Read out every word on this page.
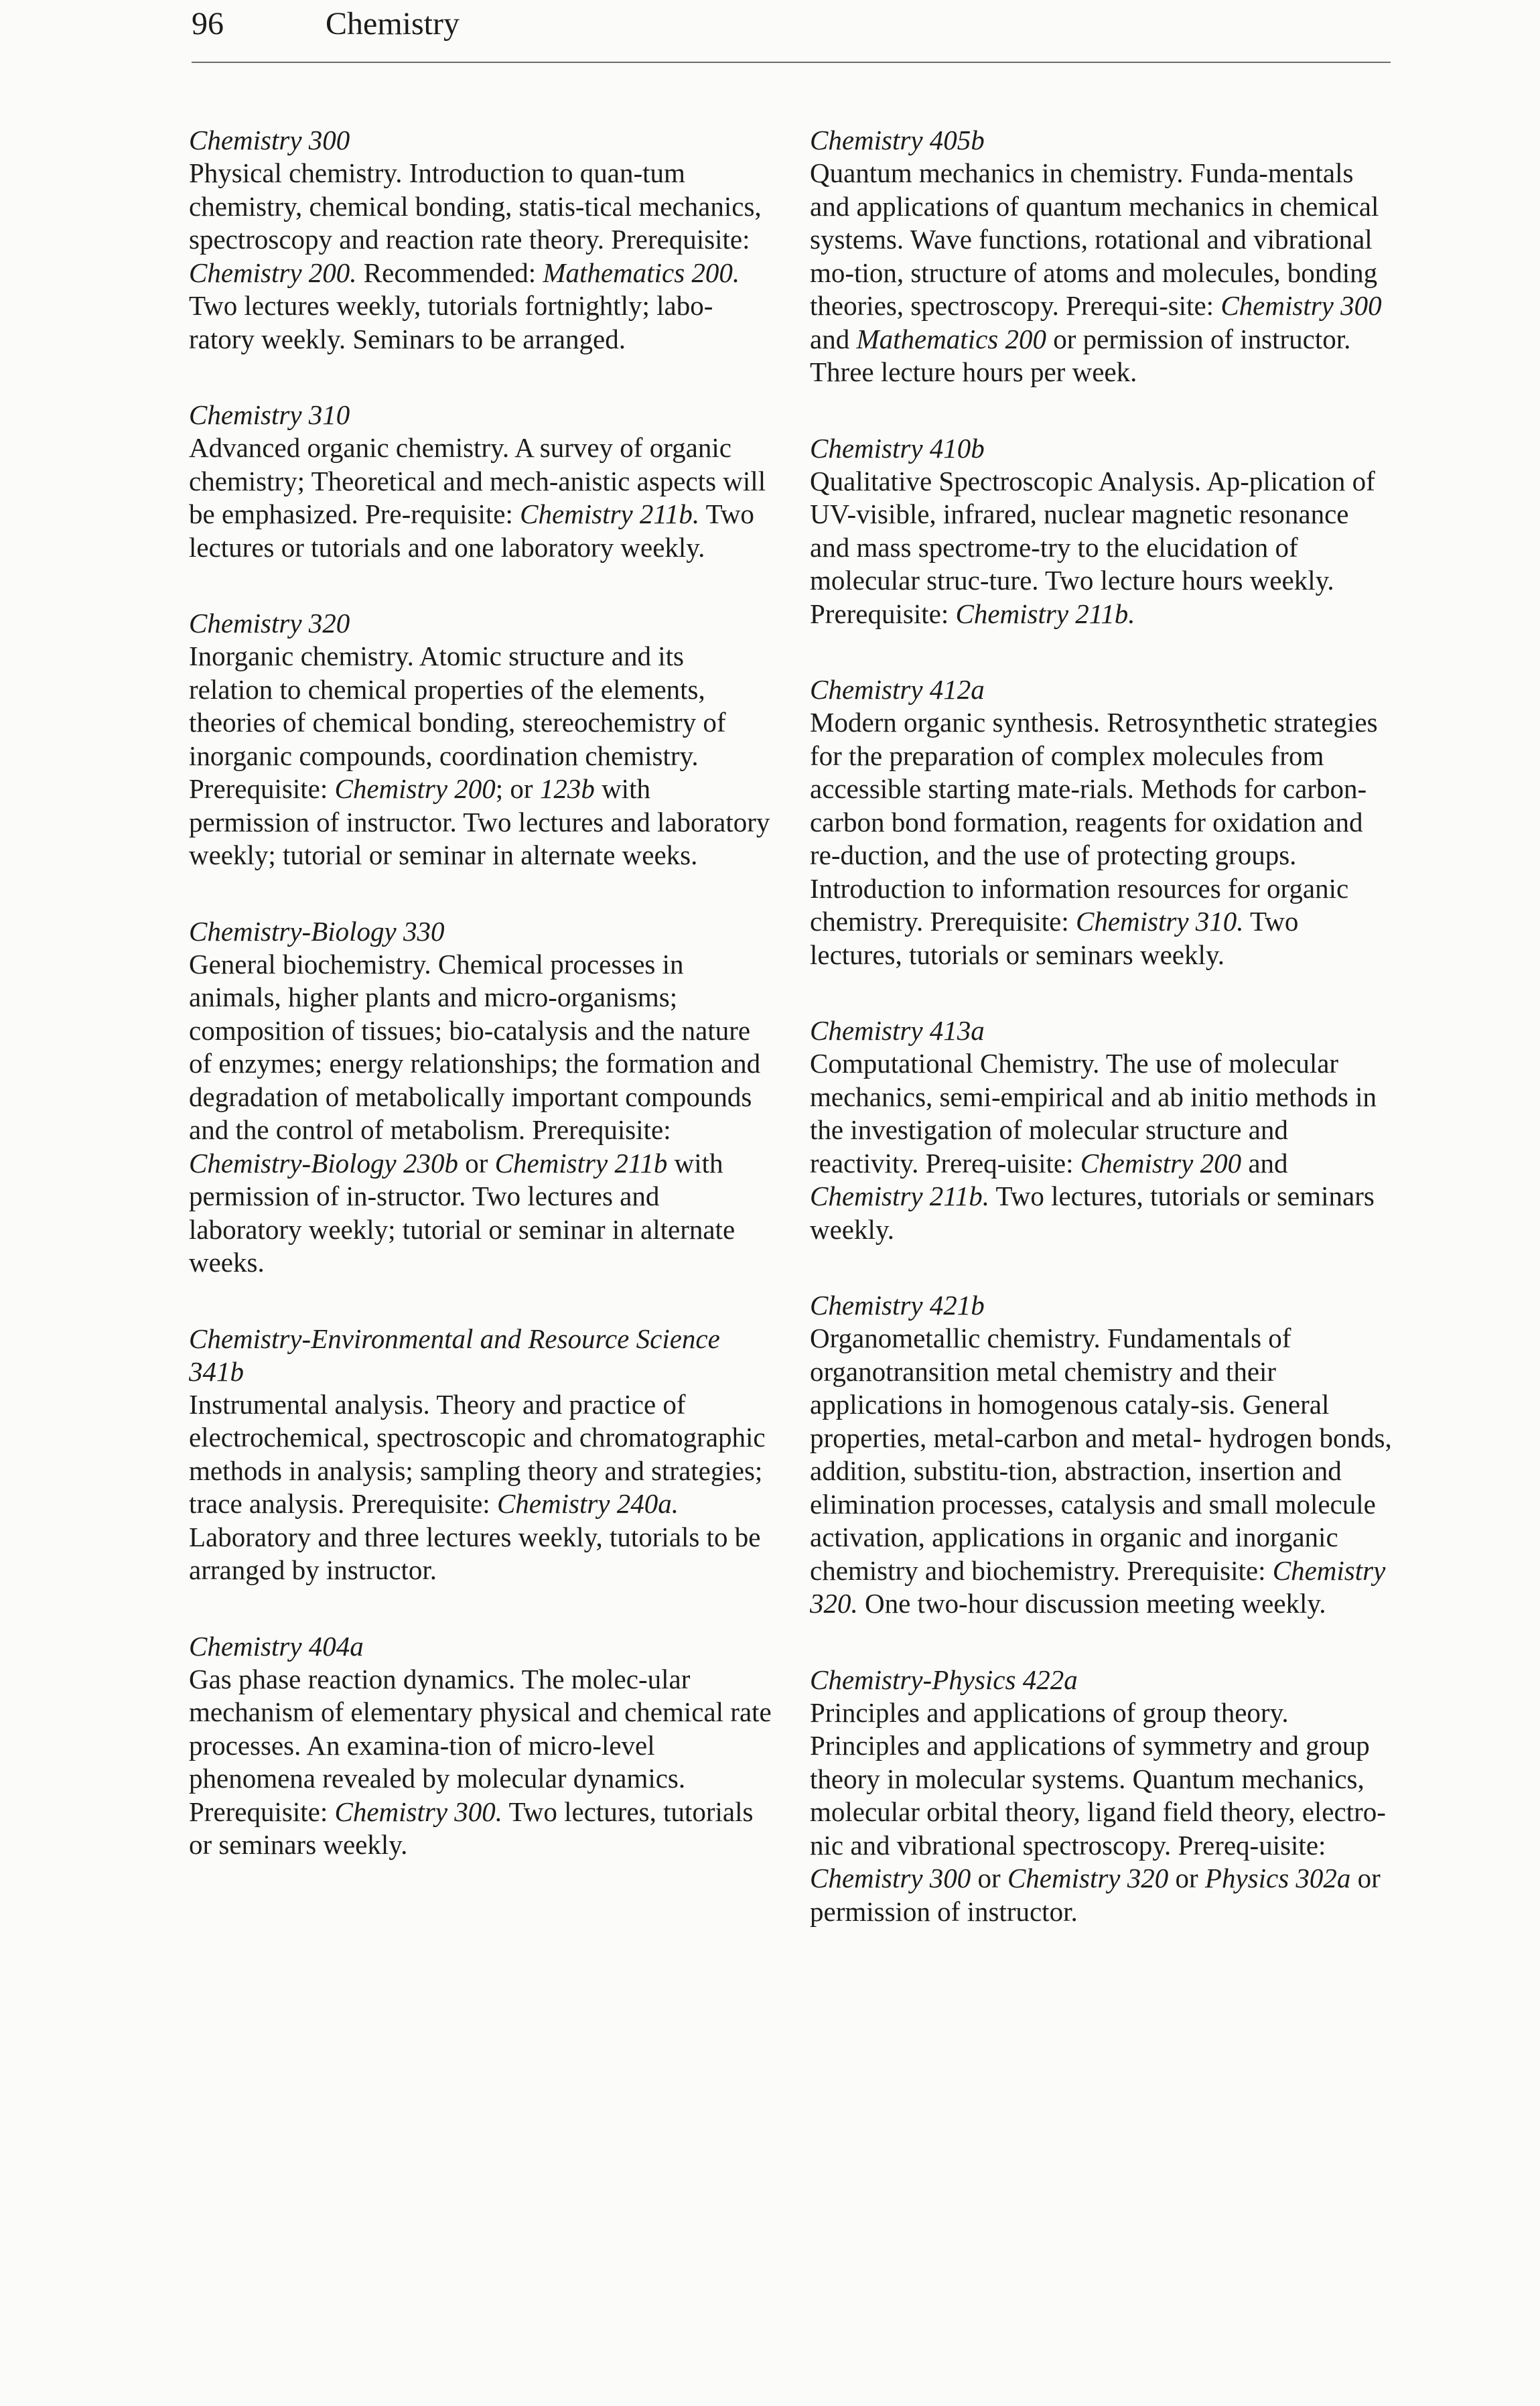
96	Chemistry

Chemistry 300

Physical chemistry. Introduction to quan-tum chemistry, chemical bonding, statis-tical mechanics, spectroscopy and reaction rate theory. Prerequisite: Chemistry 200. Recommended: Mathematics 200. Two lectures weekly, tutorials fortnightly; labo-ratory weekly. Seminars to be arranged.

Chemistry 310

Advanced organic chemistry. A survey of organic chemistry; Theoretical and mech-anistic aspects will be emphasized. Pre-requisite: Chemistry 211b. Two lectures or tutorials and one laboratory weekly.

Chemistry 320

Inorganic chemistry. Atomic structure and its relation to chemical properties of the elements, theories of chemical bonding, stereochemistry of inorganic compounds, coordination chemistry. Prerequisite: Chemistry 200; or 123b with permission of instructor. Two lectures and laboratory weekly; tutorial or seminar in alternate weeks.

Chemistry-Biology 330

General biochemistry. Chemical processes in animals, higher plants and micro-organisms; composition of tissues; bio-catalysis and the nature of enzymes; energy relationships; the formation and degradation of metabolically important compounds and the control of metabolism. Prerequisite: Chemistry-Biology 230b or Chemistry 211b with permission of in-structor. Two lectures and laboratory weekly; tutorial or seminar in alternate weeks.

Chemistry-Environmental and Resource Science 341b

Instrumental analysis. Theory and practice of electrochemical, spectroscopic and chromatographic methods in analysis; sampling theory and strategies; trace analysis. Prerequisite: Chemistry 240a. Laboratory and three lectures weekly, tutorials to be arranged by instructor.

Chemistry 404a

Gas phase reaction dynamics. The molec-ular mechanism of elementary physical and chemical rate processes. An examina-tion of micro-level phenomena revealed by molecular dynamics. Prerequisite: Chemistry 300. Two lectures, tutorials or seminars weekly.

Chemistry 405b

Quantum mechanics in chemistry. Funda-mentals and applications of quantum mechanics in chemical systems. Wave functions, rotational and vibrational mo-tion, structure of atoms and molecules, bonding theories, spectroscopy. Prerequi-site: Chemistry 300 and Mathematics 200 or permission of instructor. Three lecture hours per week.

Chemistry 410b

Qualitative Spectroscopic Analysis. Ap-plication of UV-visible, infrared, nuclear magnetic resonance and mass spectrome-try to the elucidation of molecular struc-ture. Two lecture hours weekly. Prerequisite: Chemistry 211b.

Chemistry 412a

Modern organic synthesis. Retrosynthetic strategies for the preparation of complex molecules from accessible starting mate-rials. Methods for carbon-carbon bond formation, reagents for oxidation and re-duction, and the use of protecting groups. Introduction to information resources for organic chemistry. Prerequisite: Chemistry 310. Two lectures, tutorials or seminars weekly.

Chemistry 413a

Computational Chemistry. The use of molecular mechanics, semi-empirical and ab initio methods in the investigation of molecular structure and reactivity. Prereq-uisite: Chemistry 200 and Chemistry 211b. Two lectures, tutorials or seminars weekly.

Chemistry 421b

Organometallic chemistry. Fundamentals of organotransition metal chemistry and their applications in homogenous cataly-sis. General properties, metal-carbon and metal- hydrogen bonds, addition, substitu-tion, abstraction, insertion and elimination processes, catalysis and small molecule activation, applications in organic and inorganic chemistry and biochemistry. Prerequisite: Chemistry 320. One two-hour discussion meeting weekly.

Chemistry-Physics 422a

Principles and applications of group theory. Principles and applications of symmetry and group theory in molecular systems. Quantum mechanics, molecular orbital theory, ligand field theory, electro-nic and vibrational spectroscopy. Prereq-uisite: Chemistry 300 or Chemistry 320 or Physics 302a or permission of instructor.
